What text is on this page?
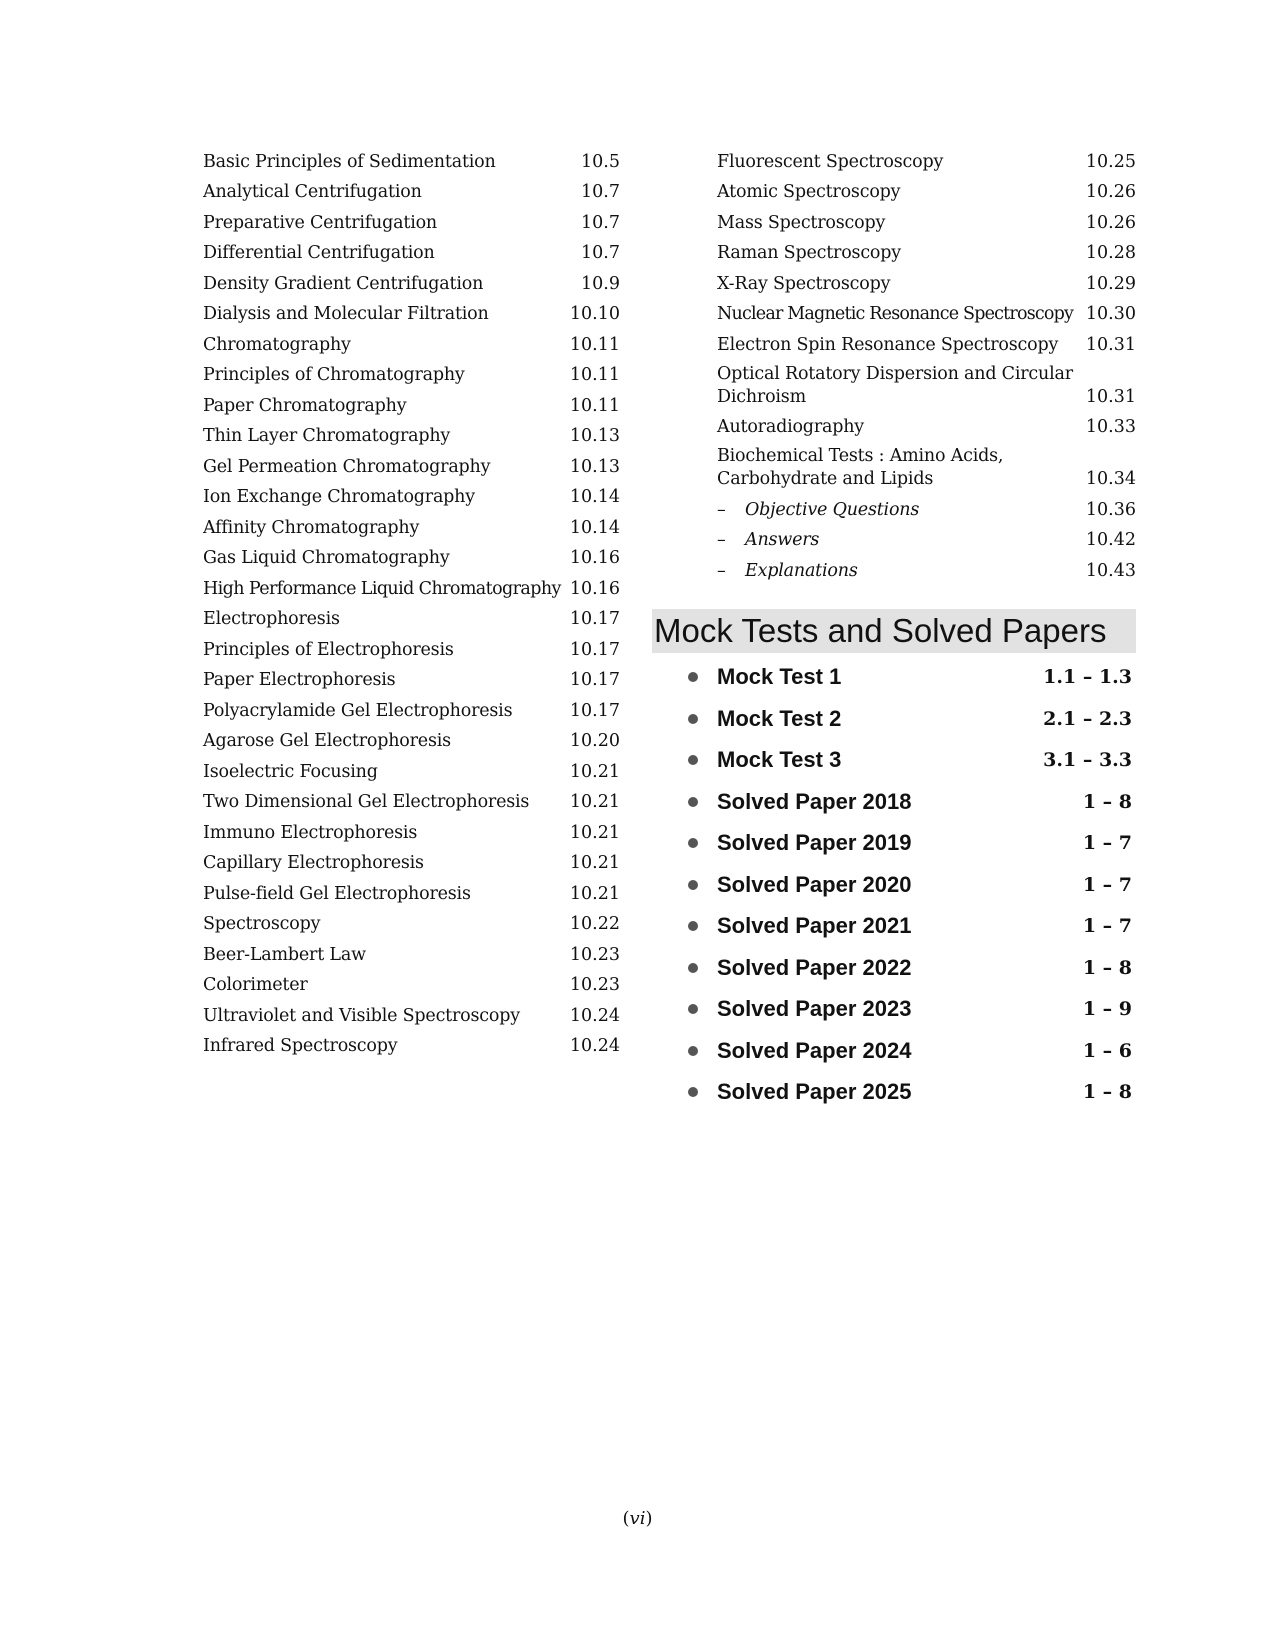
Basic Principles of Sedimentation	10.5
Analytical Centrifugation	10.7
Preparative Centrifugation	10.7
Differential Centrifugation	10.7
Density Gradient Centrifugation	10.9
Dialysis and Molecular Filtration	10.10
Chromatography	10.11
Principles of Chromatography	10.11
Paper Chromatography	10.11
Thin Layer Chromatography	10.13
Gel Permeation Chromatography	10.13
Ion Exchange Chromatography	10.14
Affinity Chromatography	10.14
Gas Liquid Chromatography	10.16
High Performance Liquid Chromatography 10.16
Electrophoresis	10.17
Principles of Electrophoresis	10.17
Paper Electrophoresis	10.17
Polyacrylamide Gel Electrophoresis	10.17
Agarose Gel Electrophoresis	10.20
Isoelectric Focusing	10.21
Two Dimensional Gel Electrophoresis 10.21
Immuno Electrophoresis	10.21
Capillary Electrophoresis	10.21
Pulse-field Gel Electrophoresis	10.21
Spectroscopy	10.22
Beer-Lambert Law	10.23
Colorimeter	10.23
Ultraviolet and Visible Spectroscopy	10.24
Infrared Spectroscopy	10.24
Fluorescent Spectroscopy	10.25
Atomic Spectroscopy	10.26
Mass Spectroscopy	10.26
Raman Spectroscopy	10.28
X-Ray Spectroscopy	10.29
Nuclear Magnetic Resonance Spectroscopy 10.30
Electron Spin Resonance Spectroscopy 10.31
Optical Rotatory Dispersion and Circular Dichroism	10.31
Autoradiography	10.33
Biochemical Tests : Amino Acids, Carbohydrate and Lipids	10.34
– Objective Questions	10.36
– Answers	10.42
– Explanations	10.43
Mock Tests and Solved Papers
Mock Test 1	1.1 – 1.3
Mock Test 2	2.1 – 2.3
Mock Test 3	3.1 – 3.3
Solved Paper 2018	1 – 8
Solved Paper 2019	1 – 7
Solved Paper 2020	1 – 7
Solved Paper 2021	1 – 7
Solved Paper 2022	1 – 8
Solved Paper 2023	1 – 9
Solved Paper 2024	1 – 6
Solved Paper 2025	1 – 8
(vi)
